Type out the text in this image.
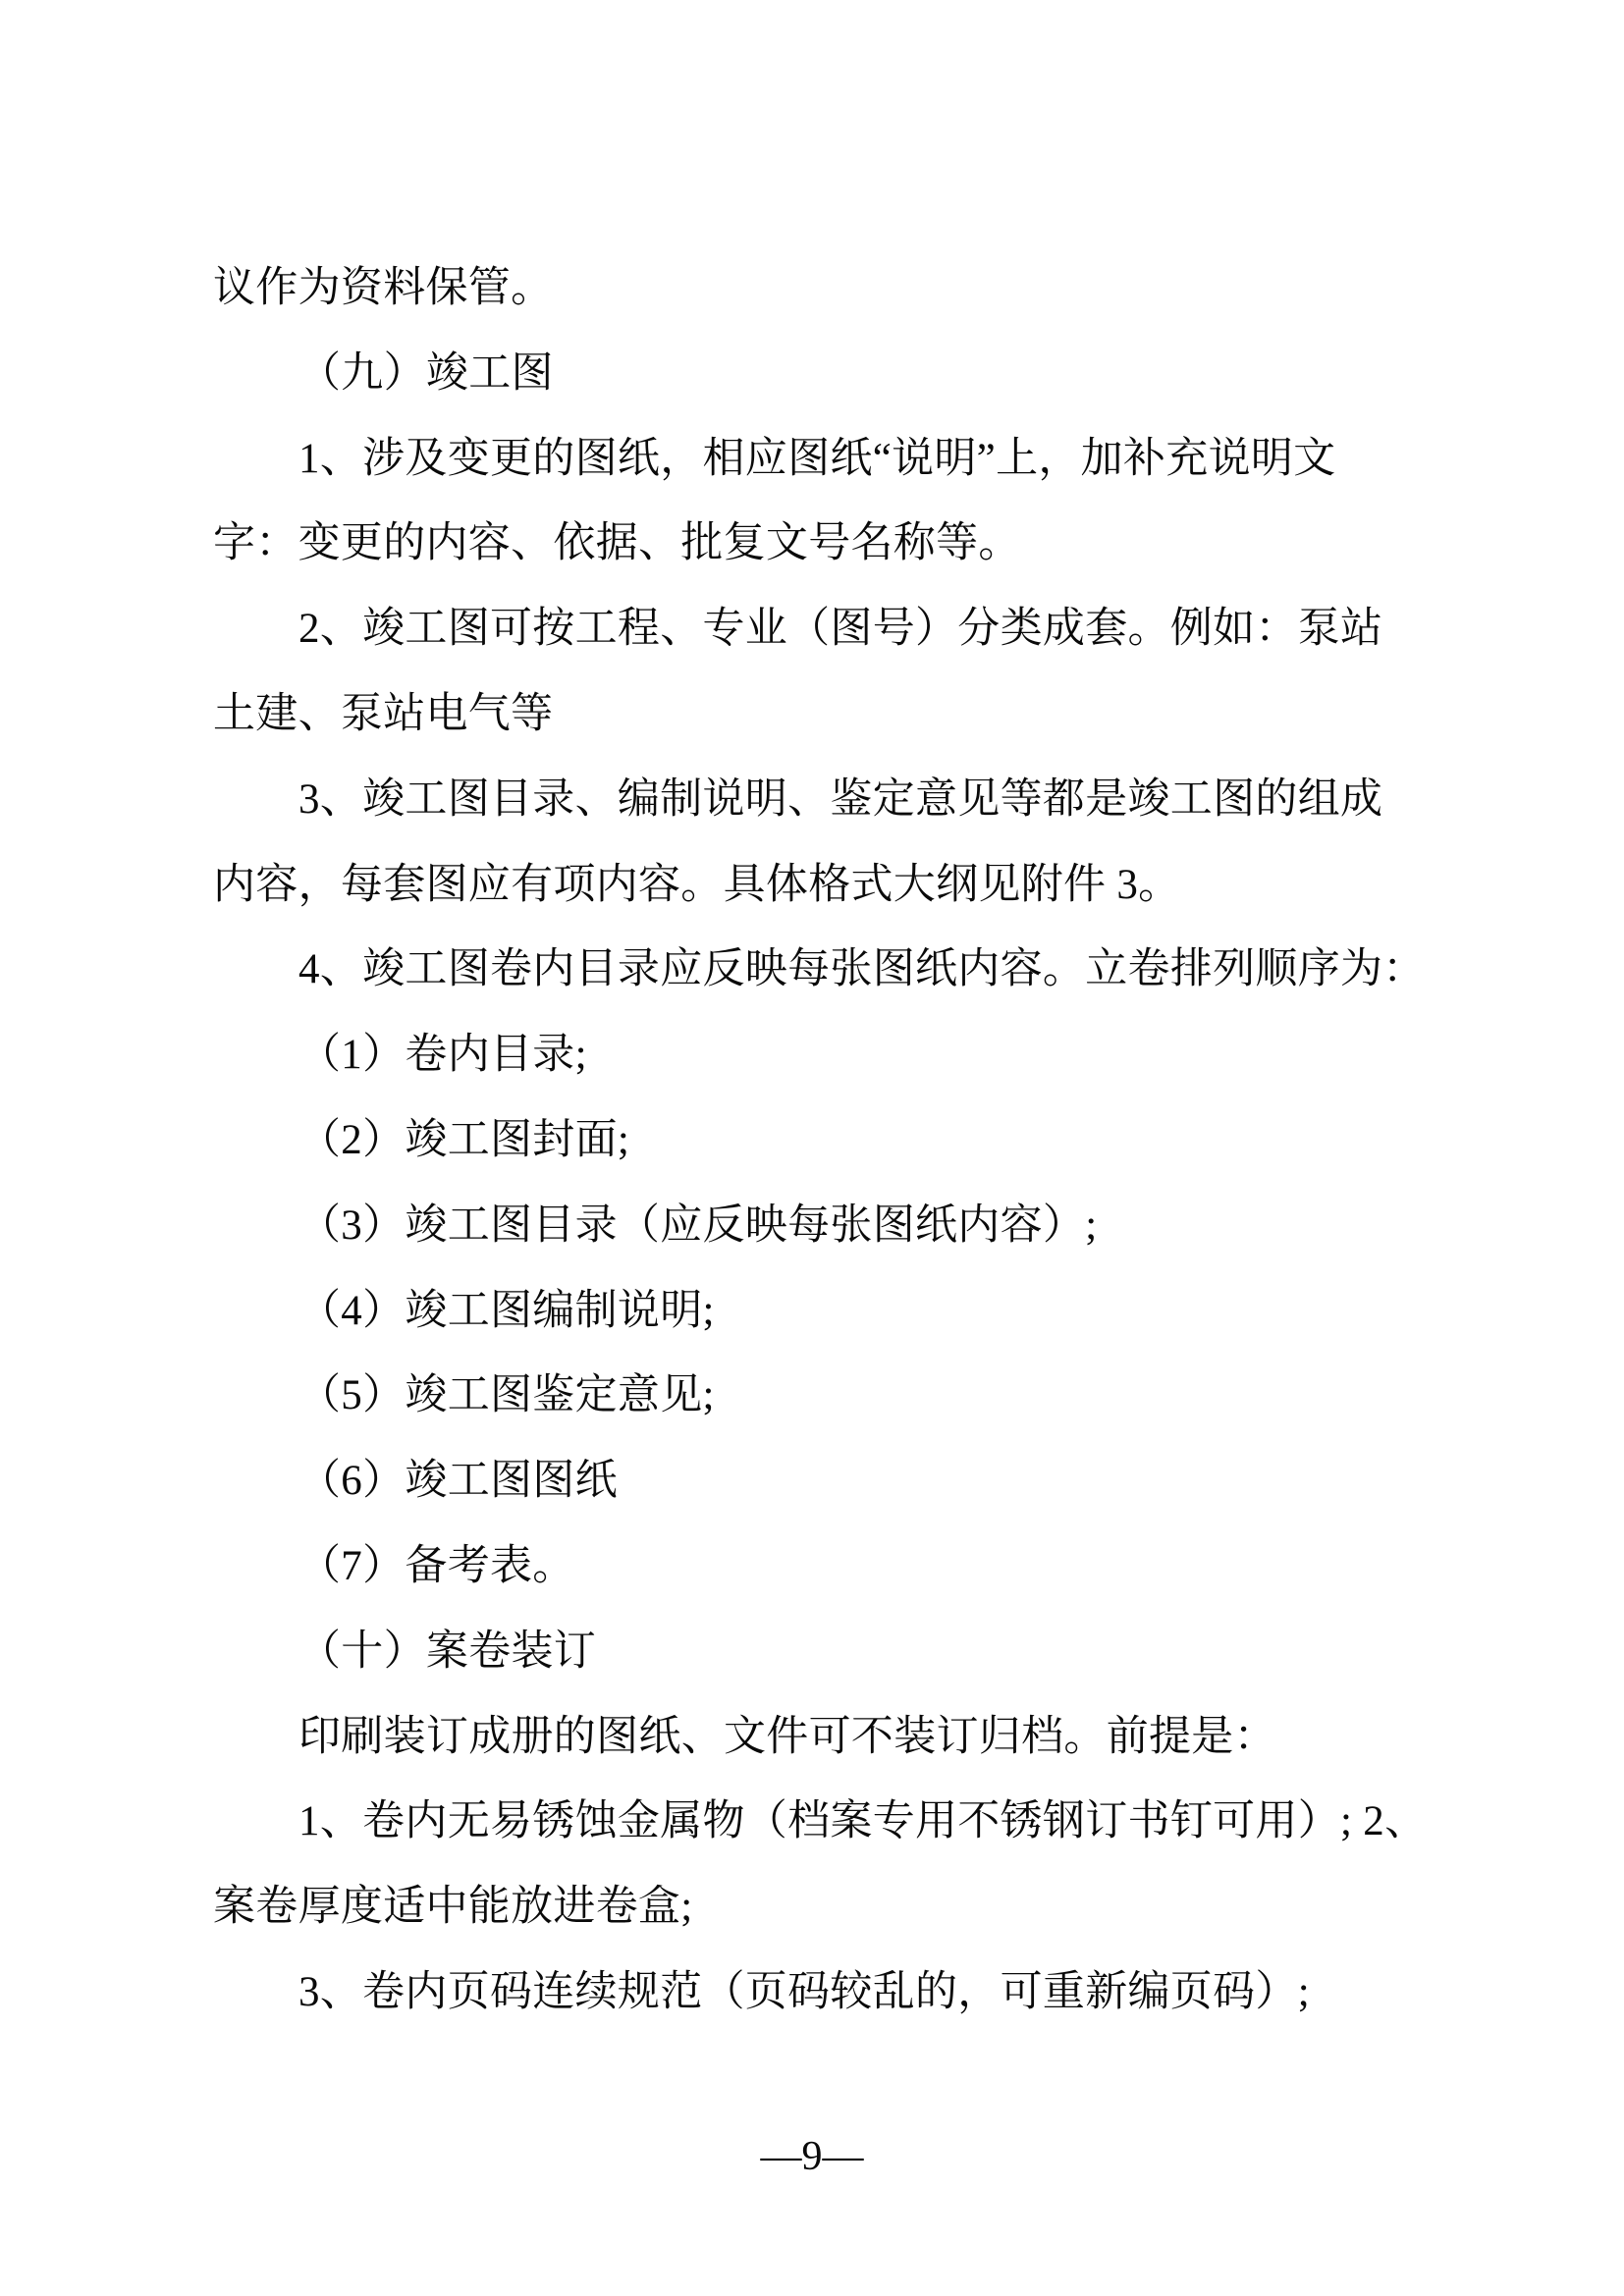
议作为资料保管。
（九）竣工图
1、涉及变更的图纸，相应图纸“说明”上，加补充说明文
字：变更的内容、依据、批复文号名称等。
2、竣工图可按工程、专业（图号）分类成套。例如：泵站
土建、泵站电气等
3、竣工图目录、编制说明、鉴定意见等都是竣工图的组成
内容，每套图应有项内容。具体格式大纲见附件 3。
4、竣工图卷内目录应反映每张图纸内容。立卷排列顺序为：
（1）卷内目录;
（2）竣工图封面;
（3）竣工图目录（应反映每张图纸内容）;
（4）竣工图编制说明;
（5）竣工图鉴定意见;
（6）竣工图图纸
（7）备考表。
（十）案卷装订
印刷装订成册的图纸、文件可不装订归档。前提是：
1、卷内无易锈蚀金属物（档案专用不锈钢订书钉可用）; 2、
案卷厚度适中能放进卷盒;
3、卷内页码连续规范（页码较乱的，可重新编页码）;
—9—
